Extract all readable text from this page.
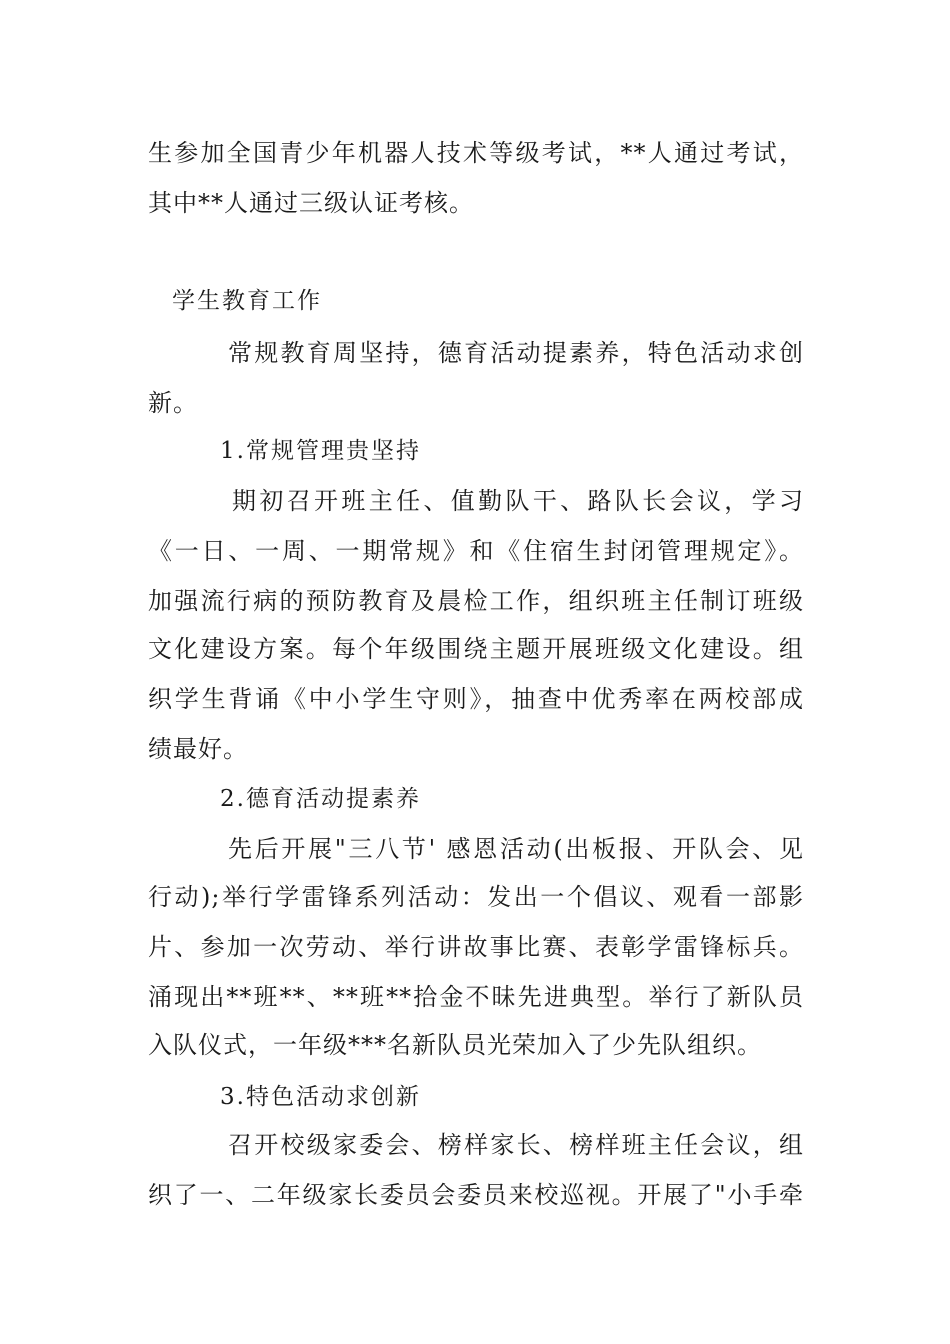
生参加全国青少年机器人技术等级考试，**人通过考试，
其中**人通过三级认证考核。
学生教育工作
常规教育周坚持，德育活动提素养，特色活动求创
新。
1.常规管理贵坚持
期初召开班主任、值勤队干、路队长会议，学习
《一日、一周、一期常规》和《住宿生封闭管理规定》。
加强流行病的预防教育及晨检工作，组织班主任制订班级
文化建设方案。每个年级围绕主题开展班级文化建设。组
织学生背诵《中小学生守则》，抽查中优秀率在两校部成
绩最好。
2.德育活动提素养
先后开展"三八节' 感恩活动(出板报、开队会、见
行动);举行学雷锋系列活动：发出一个倡议、观看一部影
片、参加一次劳动、举行讲故事比赛、表彰学雷锋标兵。
涌现出**班**、**班**拾金不昧先进典型。举行了新队员
入队仪式，一年级***名新队员光荣加入了少先队组织。
3.特色活动求创新
召开校级家委会、榜样家长、榜样班主任会议，组
织了一、二年级家长委员会委员来校巡视。开展了"小手牵
